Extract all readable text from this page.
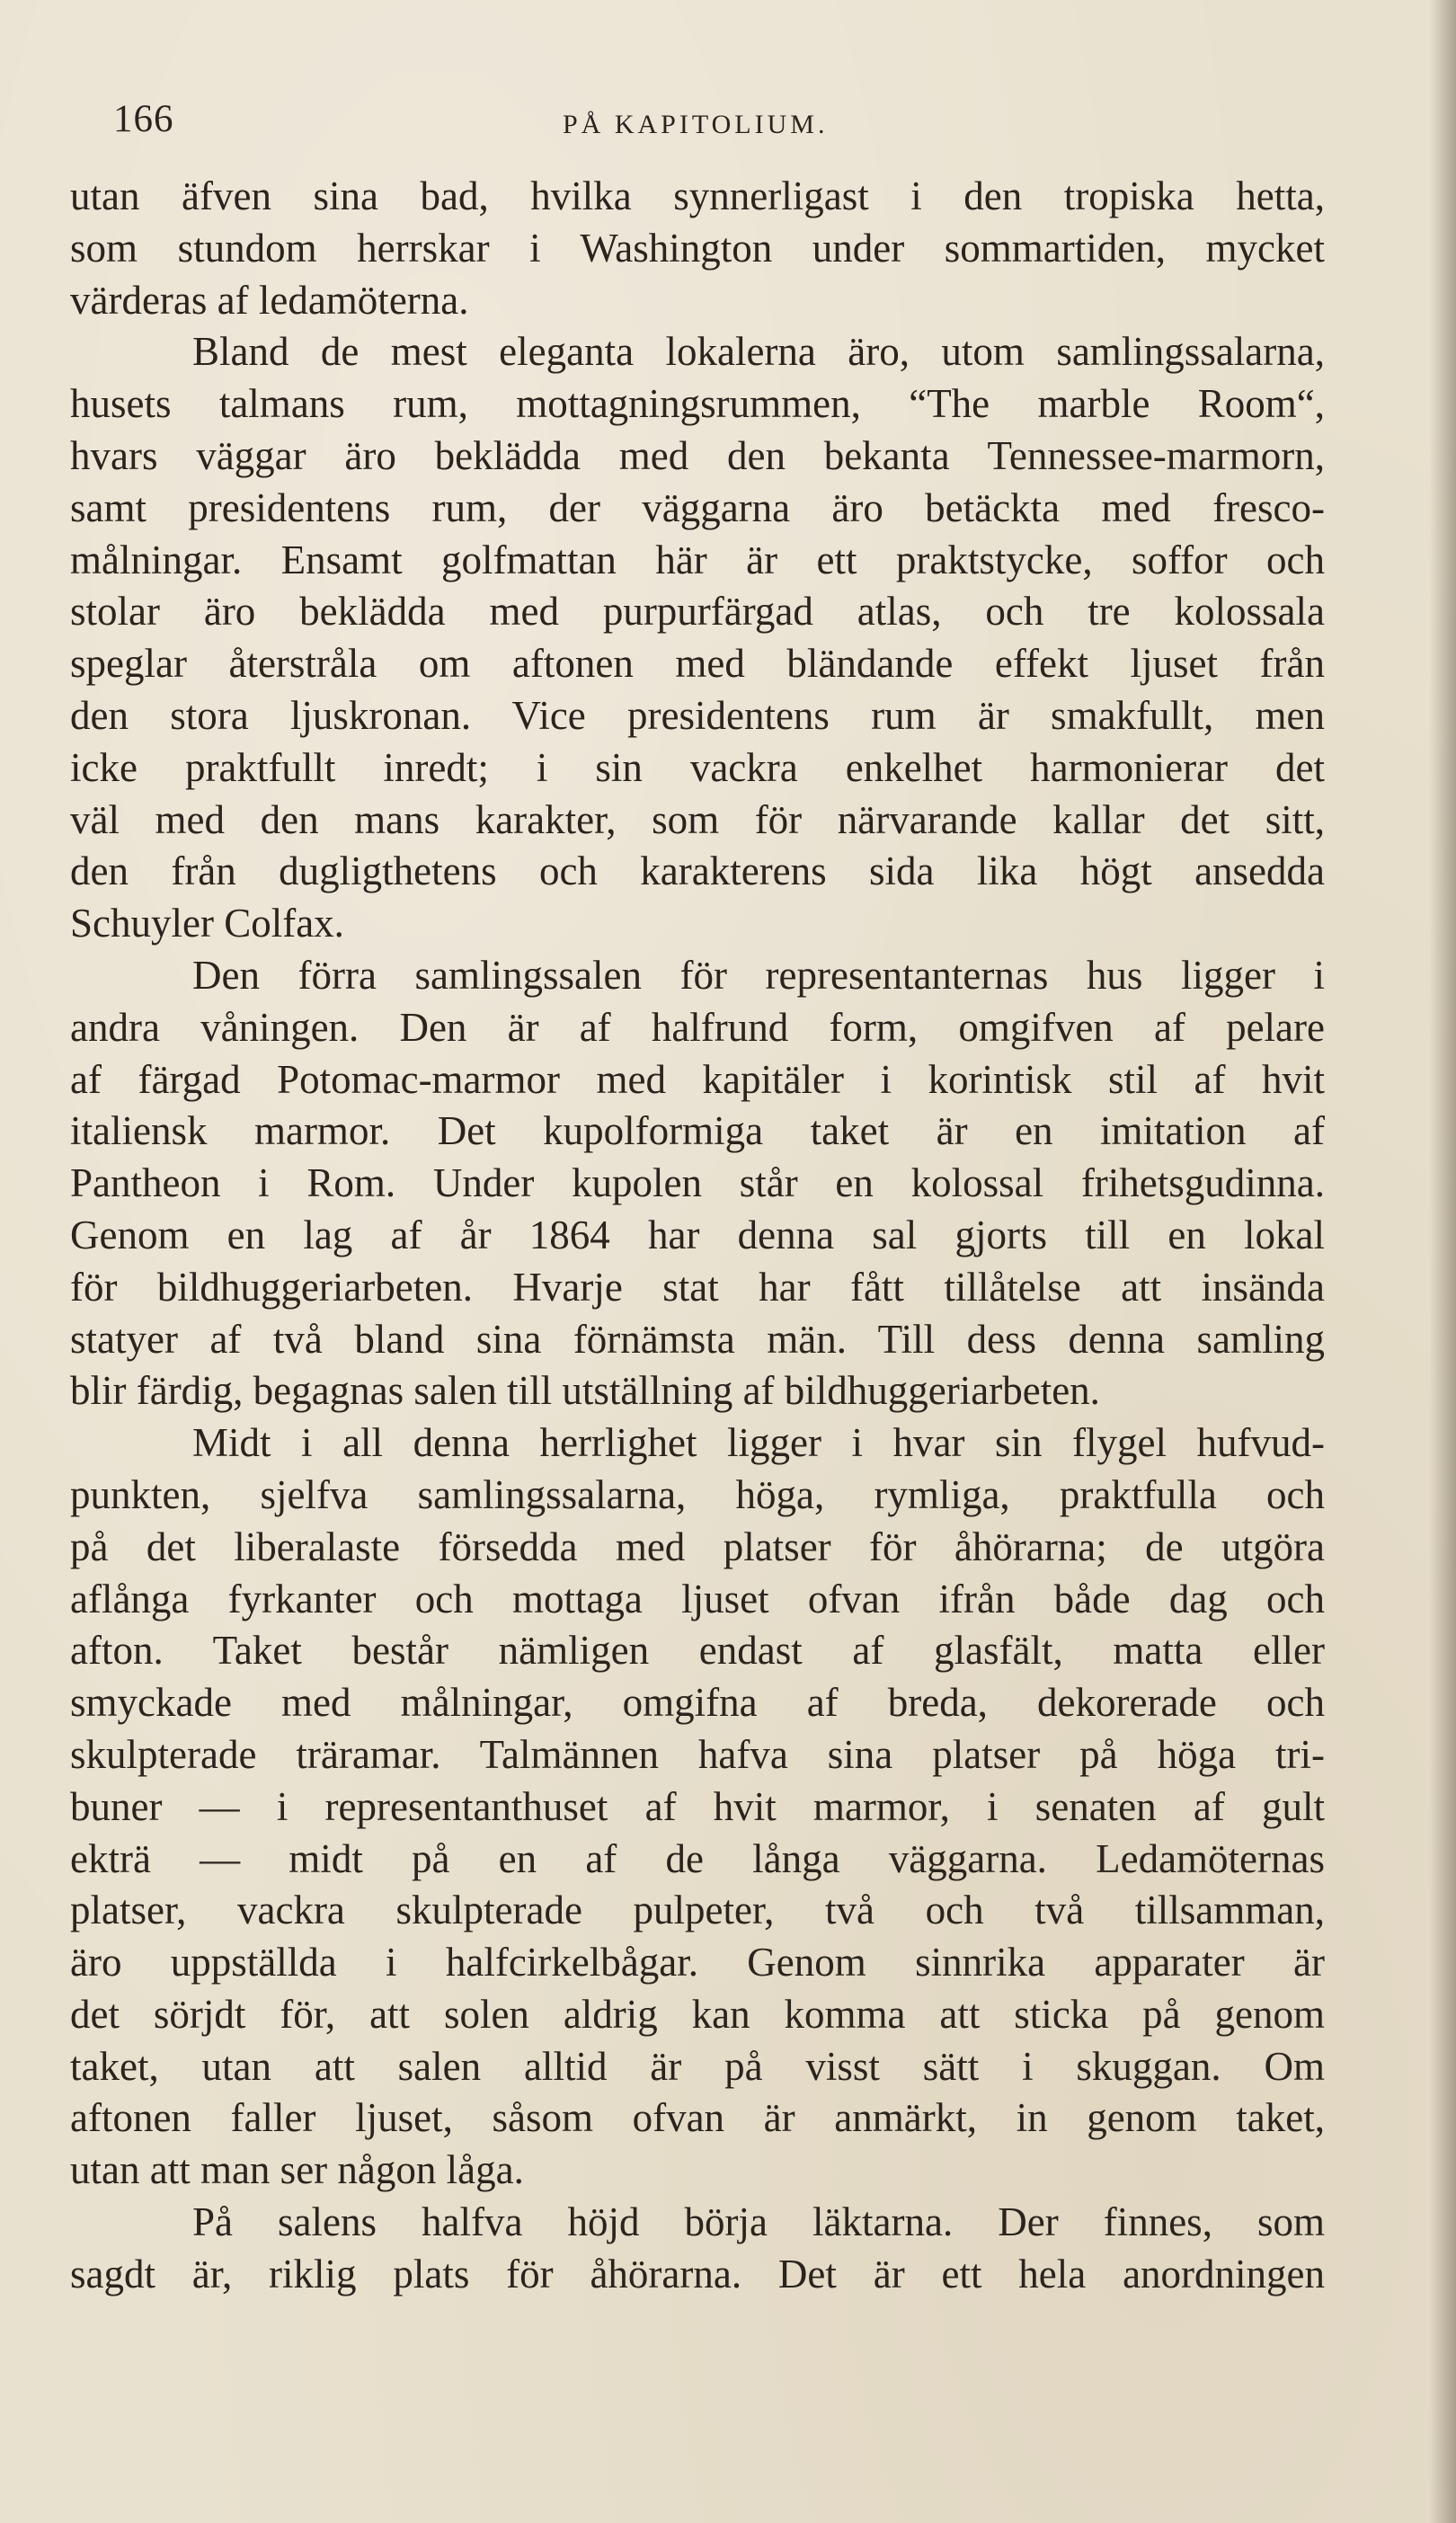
166	PÅ KAPITOLIUM.
utan äfven sina bad, hvilka synnerligast i den tropiska hetta,
som stundom herrskar i Washington under sommartiden, mycket
värderas af ledamöterna.
Bland de mest eleganta lokalerna äro, utom samlingssalarna,
husets talmans rum, mottagningsrummen, “The marble Room“,
hvars väggar äro beklädda med den bekanta Tennessee-marmorn,
samt presidentens rum, der väggarna äro betäckta med fresco-
målningar. Ensamt golfmattan här är ett praktstycke, soffor och
stolar äro beklädda med purpurfärgad atlas, och tre kolossala
speglar återstråla om aftonen med bländande effekt ljuset från
den stora ljuskronan. Vice presidentens rum är smakfullt, men
icke praktfullt inredt; i sin vackra enkelhet harmonierar det
väl med den mans karakter, som för närvarande kallar det sitt,
den från dugligthetens och karakterens sida lika högt ansedda
Schuyler Colfax.
Den förra samlingssalen för representanternas hus ligger i
andra våningen. Den är af halfrund form, omgifven af pelare
af färgad Potomac-marmor med kapitäler i korintisk stil af hvit
italiensk marmor. Det kupolformiga taket är en imitation af
Pantheon i Rom. Under kupolen står en kolossal frihetsgudinna.
Genom en lag af år 1864 har denna sal gjorts till en lokal
för bildhuggeriarbeten. Hvarje stat har fått tillåtelse att insända
statyer af två bland sina förnämsta män. Till dess denna samling
blir färdig, begagnas salen till utställning af bildhuggeriarbeten.
Midt i all denna herrlighet ligger i hvar sin flygel hufvud-
punkten, sjelfva samlingssalarna, höga, rymliga, praktfulla och
på det liberalaste försedda med platser för åhörarna; de utgöra
aflånga fyrkanter och mottaga ljuset ofvan ifrån både dag och
afton. Taket består nämligen endast af glasfält, matta eller
smyckade med målningar, omgifna af breda, dekorerade och
skulpterade träramar. Talmännen hafva sina platser på höga tri-
buner — i representanthuset af hvit marmor, i senaten af gult
ekträ — midt på en af de långa väggarna. Ledamöternas
platser, vackra skulpterade pulpeter, två och två tillsamman,
äro uppställda i halfcirkelbågar. Genom sinnrika apparater är
det sörjdt för, att solen aldrig kan komma att sticka på genom
taket, utan att salen alltid är på visst sätt i skuggan. Om
aftonen faller ljuset, såsom ofvan är anmärkt, in genom taket,
utan att man ser någon låga.
På salens halfva höjd börja läktarna. Der finnes, som
sagdt är, riklig plats för åhörarna. Det är ett hela anordningen
